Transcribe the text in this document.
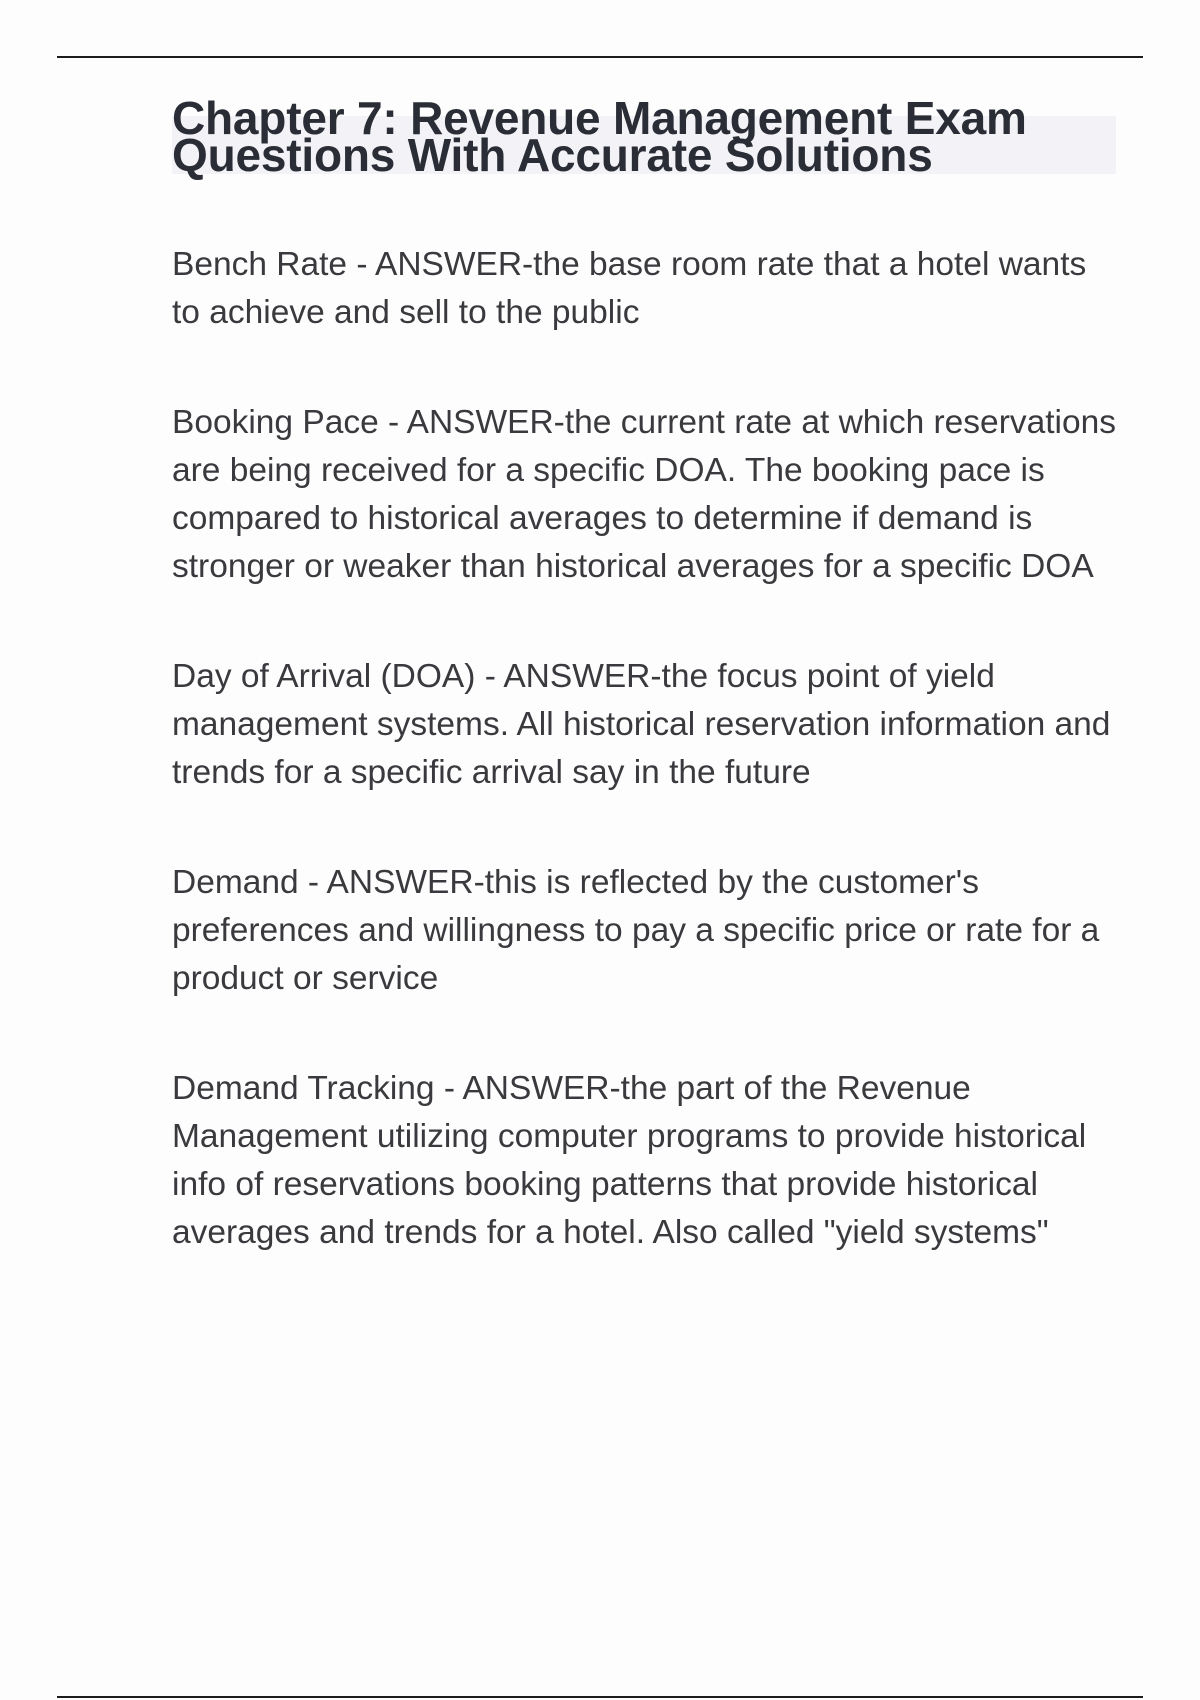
Chapter 7: Revenue Management Exam Questions With Accurate Solutions

Bench Rate - ANSWER-the base room rate that a hotel wants to achieve and sell to the public

Booking Pace - ANSWER-the current rate at which reservations are being received for a specific DOA. The booking pace is compared to historical averages to determine if demand is stronger or weaker than historical averages for a specific DOA

Day of Arrival (DOA) - ANSWER-the focus point of yield management systems. All historical reservation information and trends for a specific arrival say in the future

Demand - ANSWER-this is reflected by the customer's preferences and willingness to pay a specific price or rate for a product or service

Demand Tracking - ANSWER-the part of the Revenue Management utilizing computer programs to provide historical info of reservations booking patterns that provide historical averages and trends for a hotel. Also called "yield systems"
